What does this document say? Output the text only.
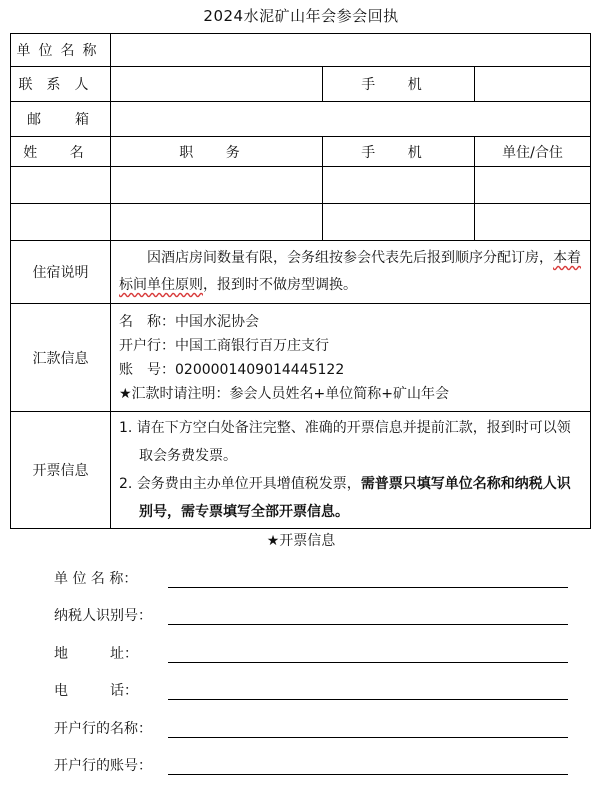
2024水泥矿山年会参会回执
单位名称			
联系人		手 机	
邮 箱			
姓 名	职 务	手 机	单住/合住

住宿说明	因酒店房间数量有限，会务组按参会代表先后报到顺序分配订房，本着标间单住原则，报到时不做房型调换。		
汇款信息	名　称：中国水泥协会
开户行：中国工商银行百万庄支行
账　号：0200001409014445122
★汇款时请注明：参会人员姓名+单位简称+矿山年会		

开票信息	1. 请在下方空白处备注完整、准确的开票信息并提前汇款，报到时可以领取会务费发票。
2. 会务费由主办单位开具增值税发票，需普票只填写单位名称和纳税人识别号，需专票填写全部开票信息。		
★开票信息
单 位 名 称：
纳税人识别号：
地　　　址：
电　　　话：
开户行的名称：
开户行的账号：
